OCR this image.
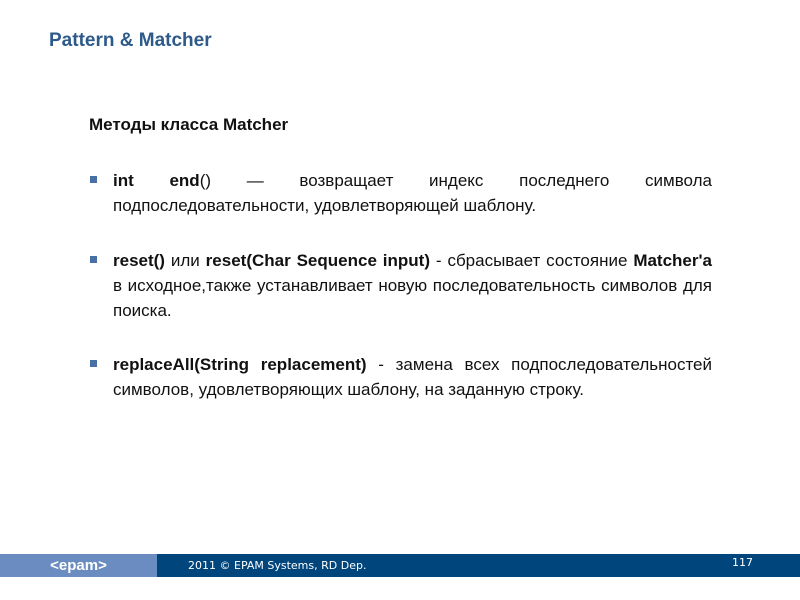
Pattern & Matcher
Методы класса Matcher
int end() — возвращает индекс последнего символа подпоследовательности, удовлетворяющей шаблону.
reset() или reset(Char Sequence input) - сбрасывает состояние Matcher'a в исходное,также устанавливает новую последовательность символов для поиска.
replaceAll(String replacement) - замена всех подпоследовательностей символов, удовлетворяющих шаблону, на заданную строку.
<epam>	2011 © EPAM Systems, RD Dep.	117
